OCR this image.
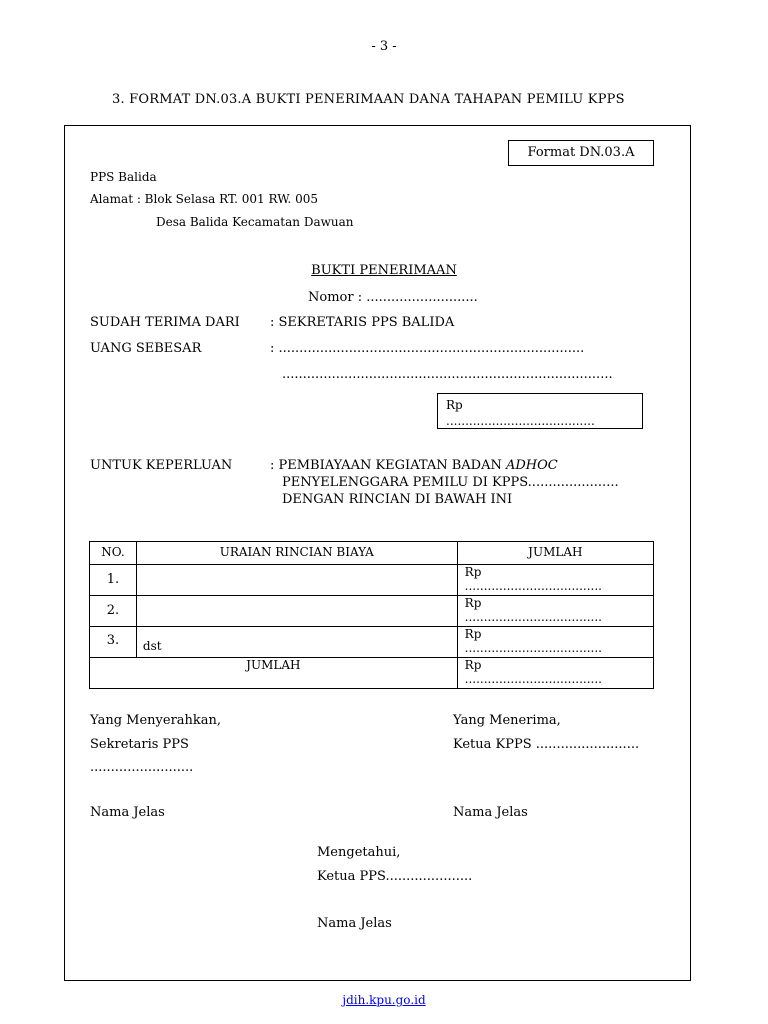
- 3 -
3. FORMAT DN.03.A BUKTI PENERIMAAN DANA TAHAPAN PEMILU KPPS
Format DN.03.A
PPS Balida
Alamat : Blok Selasa RT. 001 RW. 005
Desa Balida Kecamatan Dawuan
BUKTI PENERIMAAN
Nomor : ...........................
SUDAH TERIMA DARI : SEKRETARIS PPS BALIDA
UANG SEBESAR	: ..........................................................................
................................................................................
Rp
.......................................
UNTUK KEPERLUAN	: PEMBIAYAAN KEGIATAN BADAN ADHOC
PENYELENGGARA PEMILU DI KPPS......................
DENGAN RINCIAN DI BAWAH INI
NO.	URAIAN RINCIAN BIAYA	JUMLAH
1.		Rp
....................................

2.		Rp
....................................

3.	dst	Rp
....................................

JUMLAH		Rp
....................................
Yang Menyerahkan,
Sekretaris PPS
.........................
Nama Jelas
Yang Menerima,
Ketua KPPS .........................
Nama Jelas
Mengetahui,
Ketua PPS.....................
Nama Jelas
jdih.kpu.go.id
